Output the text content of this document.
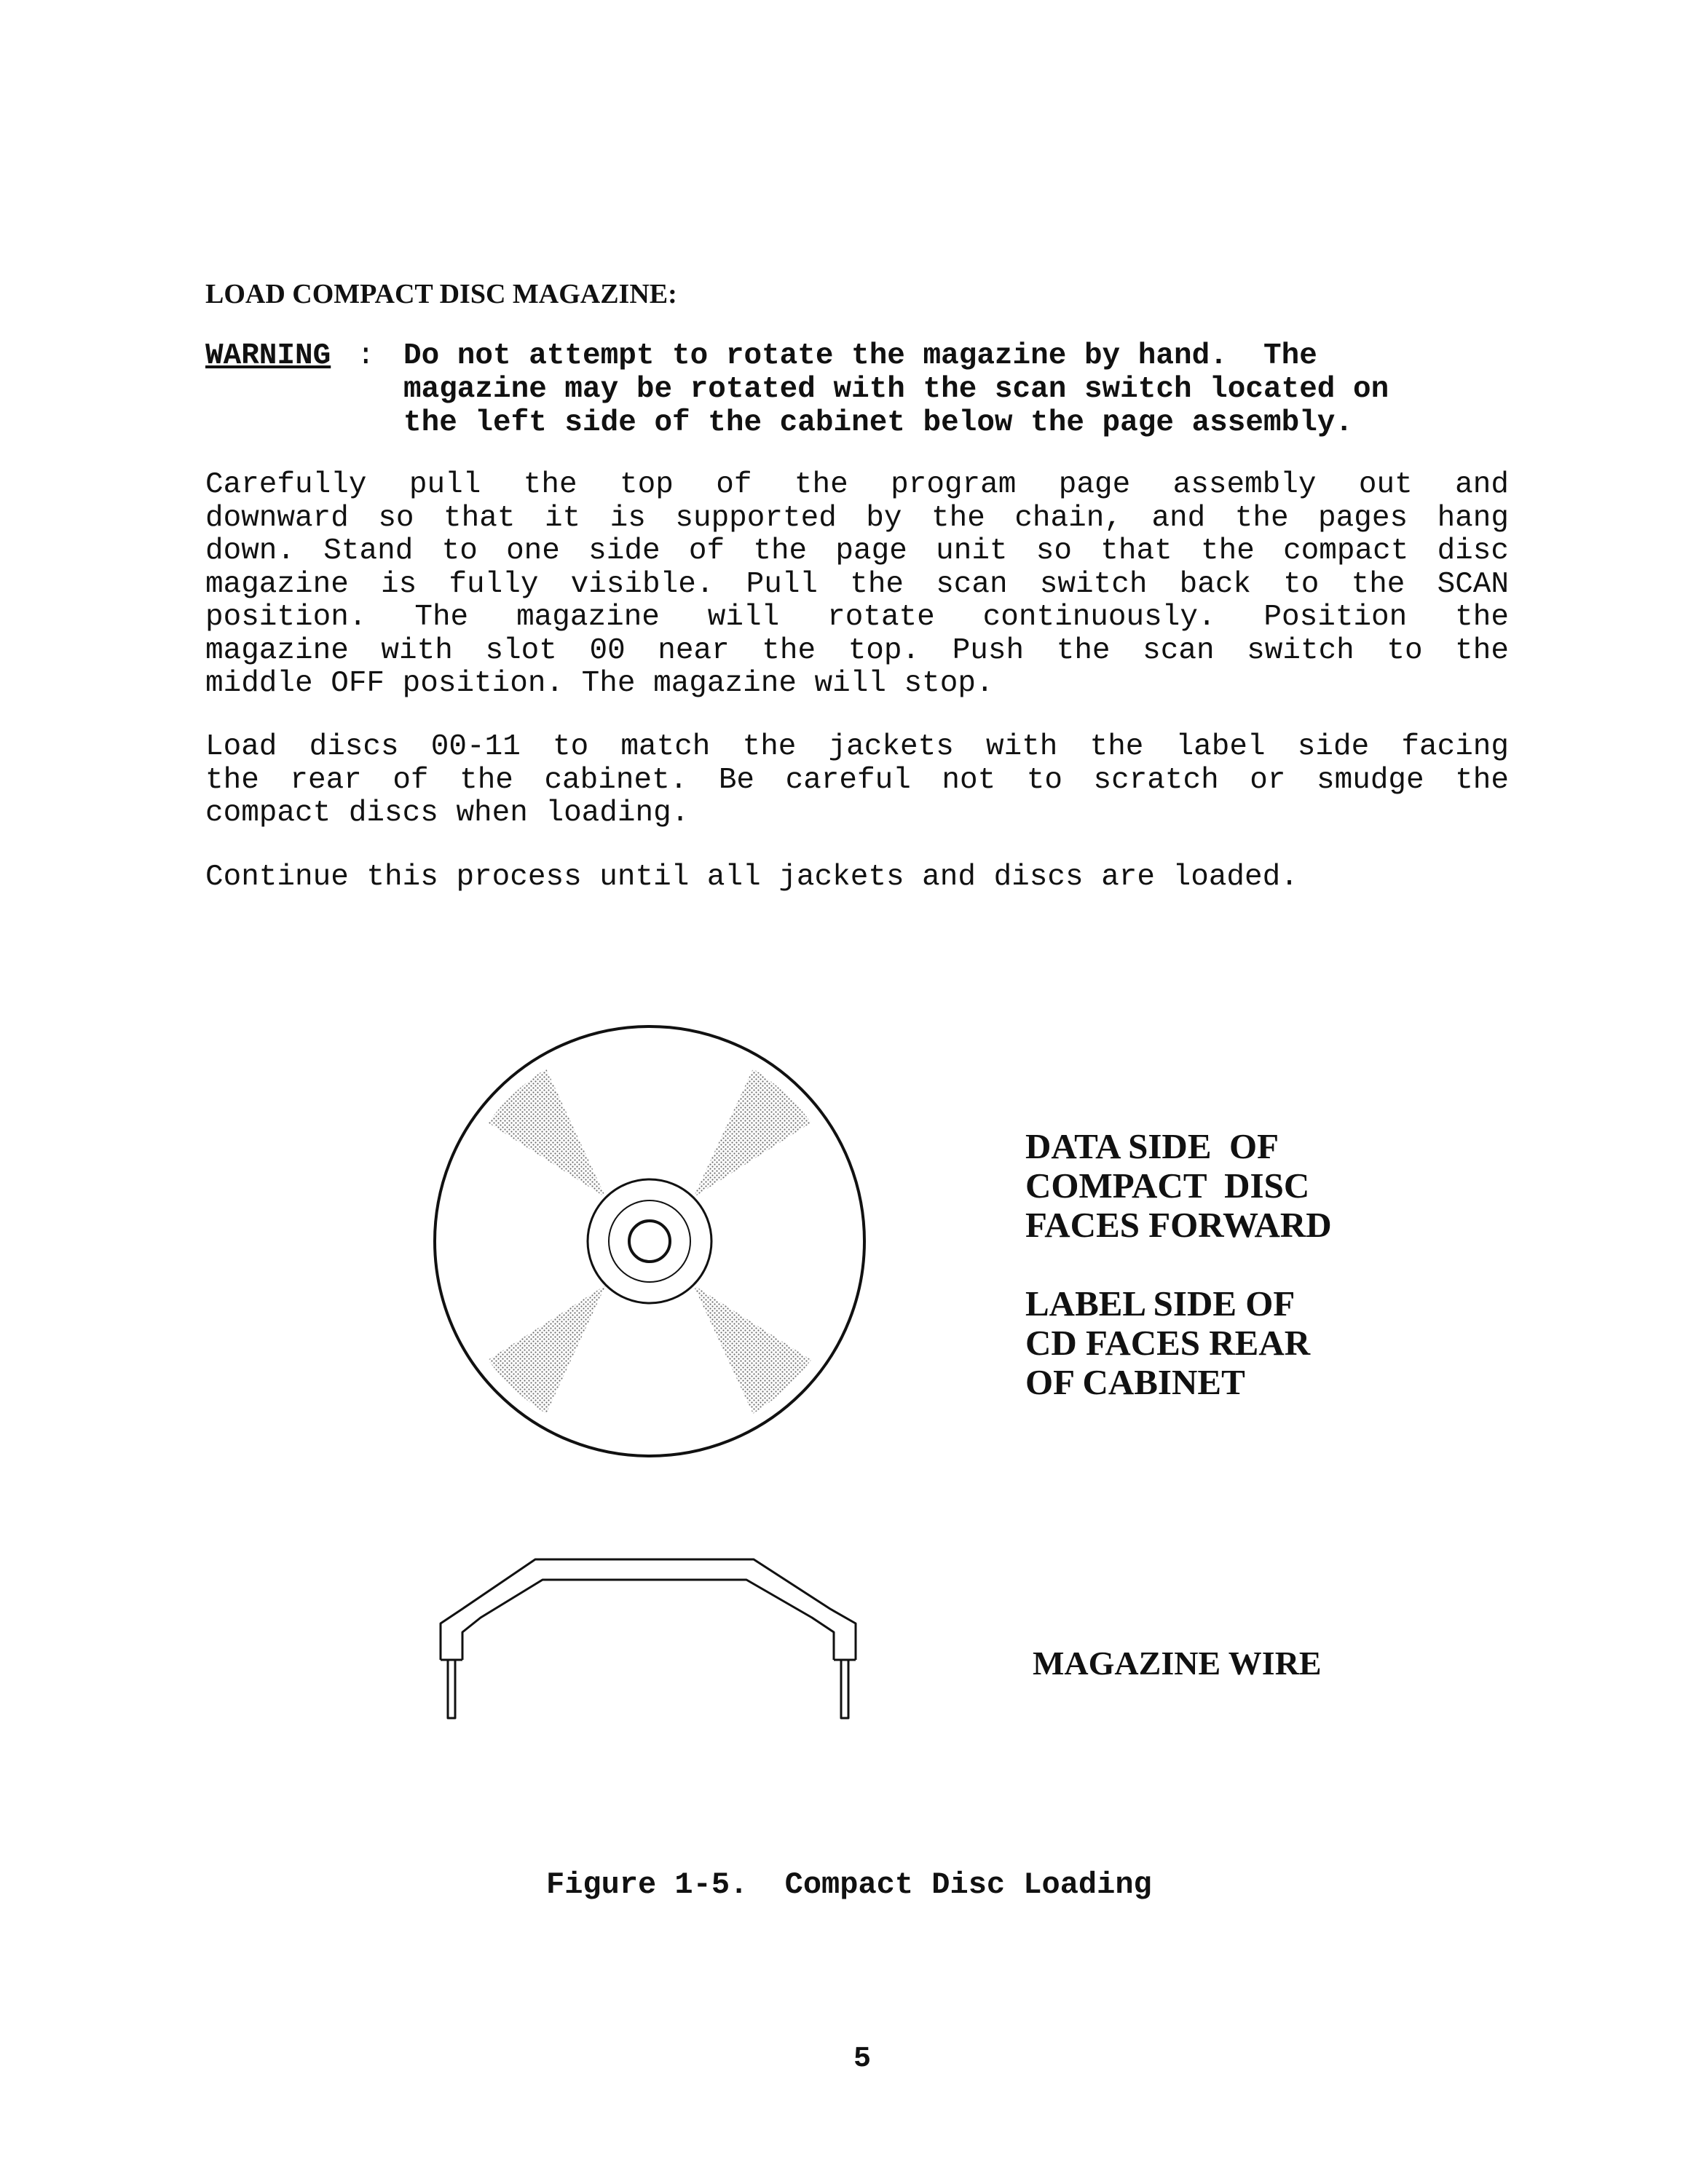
LOAD COMPACT DISC MAGAZINE:
WARNING : Do not attempt to rotate the magazine by hand.  The
magazine may be rotated with the scan switch located on
the left side of the cabinet below the page assembly.
Carefully pull the top of the program page assembly out and
downward so that it is supported by the chain, and the pages hang
down. Stand to one side of the page unit so that the compact disc
magazine is fully visible. Pull the scan switch back to the SCAN
position. The magazine will rotate continuously. Position the
magazine with slot 00 near the top. Push the scan switch to the
middle OFF position. The magazine will stop.
Load discs 00-11 to match the jackets with the label side facing
the rear of the cabinet. Be careful not to scratch or smudge the
compact discs when loading.
Continue this process until all jackets and discs are loaded.
DATA SIDE  OF
COMPACT  DISC
FACES FORWARD
LABEL SIDE OF
CD FACES REAR
OF CABINET
MAGAZINE WIRE
Figure 1-5.  Compact Disc Loading
5
